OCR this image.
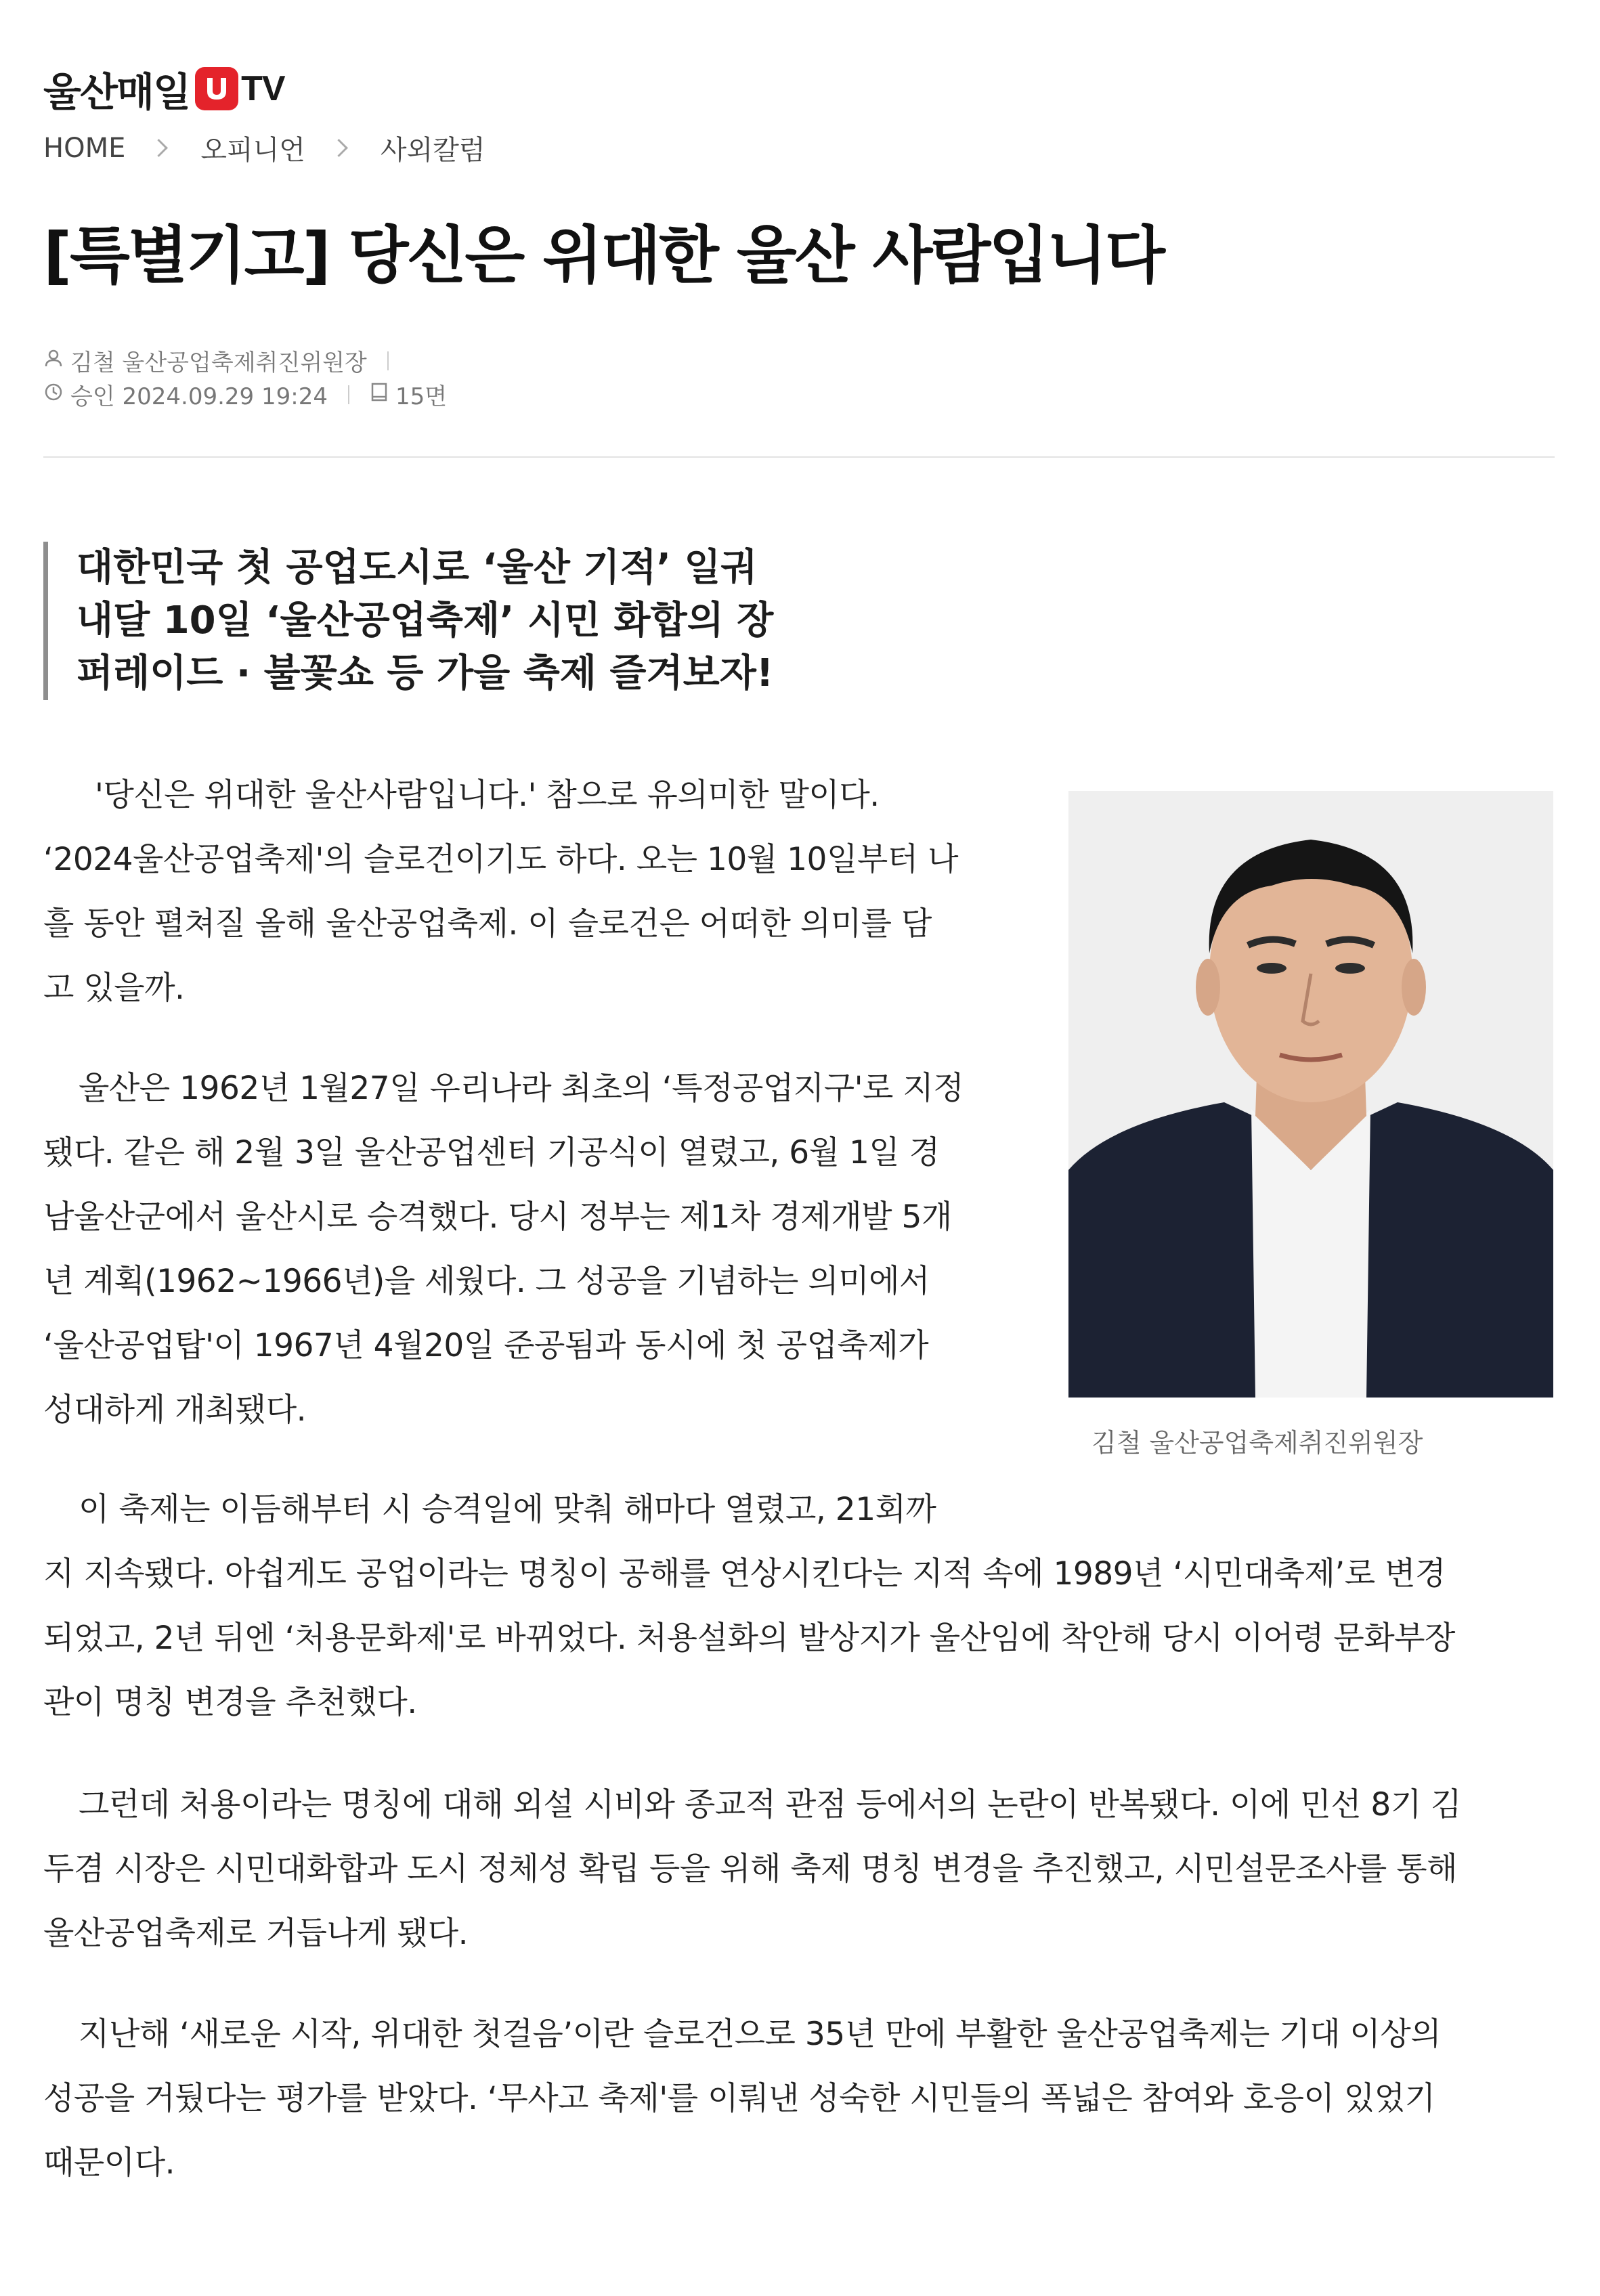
울산매일 TV
HOME	오피니언	사외칼럼
[특별기고] 당신은 위대한 울산 사람입니다
김철 울산공업축제취진위원장
승인 2024.09.29 19:24	15면
대한민국 첫 공업도시로 ‘울산 기적’ 일궈
내달 10일 ‘울산공업축제’ 시민 화합의 장
퍼레이드 · 불꽃쇼 등 가을 축제 즐겨보자!
김철 울산공업축제취진위원장
'당신은 위대한 울산사람입니다.' 참으로 유의미한 말이다.
‘2024울산공업축제'의 슬로건이기도 하다. 오는 10월 10일부터 나
흘 동안 펼쳐질 올해 울산공업축제. 이 슬로건은 어떠한 의미를 담
고 있을까.
울산은 1962년 1월27일 우리나라 최초의 ‘특정공업지구'로 지정
됐다. 같은 해 2월 3일 울산공업센터 기공식이 열렸고, 6월 1일 경
남울산군에서 울산시로 승격했다. 당시 정부는 제1차 경제개발 5개
년 계획(1962~1966년)을 세웠다. 그 성공을 기념하는 의미에서
‘울산공업탑'이 1967년 4월20일 준공됨과 동시에 첫 공업축제가
성대하게 개최됐다.
이 축제는 이듬해부터 시 승격일에 맞춰 해마다 열렸고, 21회까
지 지속됐다. 아쉽게도 공업이라는 명칭이 공해를 연상시킨다는 지적 속에 1989년 ‘시민대축제’로 변경
되었고, 2년 뒤엔 ‘처용문화제'로 바뀌었다. 처용설화의 발상지가 울산임에 착안해 당시 이어령 문화부장
관이 명칭 변경을 추천했다.
그런데 처용이라는 명칭에 대해 외설 시비와 종교적 관점 등에서의 논란이 반복됐다. 이에 민선 8기 김
두겸 시장은 시민대화합과 도시 정체성 확립 등을 위해 축제 명칭 변경을 추진했고, 시민설문조사를 통해
울산공업축제로 거듭나게 됐다.
지난해 ‘새로운 시작, 위대한 첫걸음’이란 슬로건으로 35년 만에 부활한 울산공업축제는 기대 이상의
성공을 거뒀다는 평가를 받았다. ‘무사고 축제'를 이뤄낸 성숙한 시민들의 폭넓은 참여와 호응이 있었기
때문이다.
